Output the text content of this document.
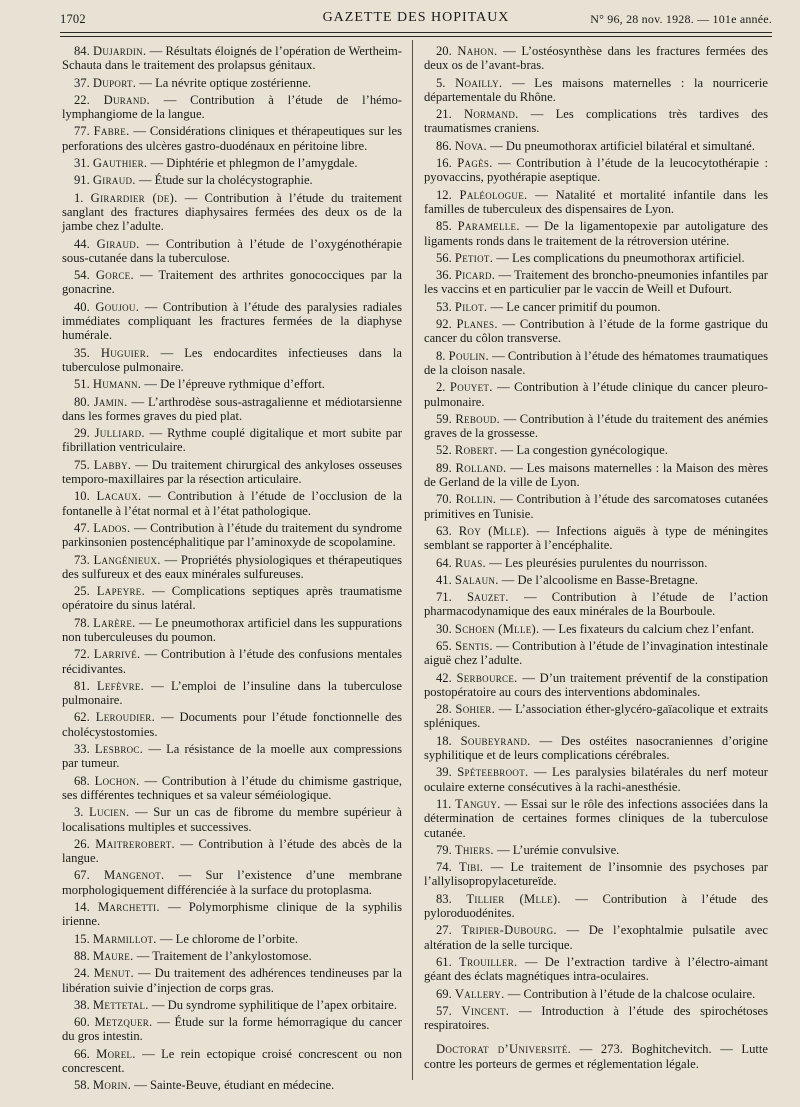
1702	GAZETTE DES HOPITAUX	N° 96, 28 nov. 1928. — 101e année.

84. Dujardin. — Résultats éloignés de l’opération de Wertheim-Schauta dans le traitement des prolapsus génitaux.

37. Duport. — La névrite optique zostérienne.

22. Durand. — Contribution à l’étude de l’hémo-lymphangiome de la langue.

77. Fabre. — Considérations cliniques et thérapeutiques sur les perforations des ulcères gastro-duodénaux en péritoine libre.

31. Gauthier. — Diphtérie et phlegmon de l’amygdale.

91. Giraud. — Étude sur la cholécystographie.

1. Girardier (de). — Contribution à l’étude du traitement sanglant des fractures diaphysaires fermées des deux os de la jambe chez l’adulte.

44. Giraud. — Contribution à l’étude de l’oxygénothérapie sous-cutanée dans la tuberculose.

54. Gorce. — Traitement des arthrites gonococciques par la gonacrine.

40. Goujou. — Contribution à l’étude des paralysies radiales immédiates compliquant les fractures fermées de la diaphyse humérale.

35. Huguier. — Les endocardites infectieuses dans la tuberculose pulmonaire.

51. Humann. — De l’épreuve rythmique d’effort.

80. Jamin. — L’arthrodèse sous-astragalienne et médiotarsienne dans les formes graves du pied plat.

29. Julliard. — Rythme couplé digitalique et mort subite par fibrillation ventriculaire.

75. Labby. — Du traitement chirurgical des ankyloses osseuses temporo-maxillaires par la résection articulaire.

10. Lacaux. — Contribution à l’étude de l’occlusion de la fontanelle à l’état normal et à l’état pathologique.

47. Lados. — Contribution à l’étude du traitement du syndrome parkinsonien postencéphalitique par l’aminoxyde de scopolamine.

73. Langénieux. — Propriétés physiologiques et thérapeutiques des sulfureux et des eaux minérales sulfureuses.

25. Lapeyre. — Complications septiques après traumatisme opératoire du sinus latéral.

78. Larère. — Le pneumothorax artificiel dans les suppurations non tuberculeuses du poumon.

72. Larrivé. — Contribution à l’étude des confusions mentales récidivantes.

81. Lefèvre. — L’emploi de l’insuline dans la tuberculose pulmonaire.

62. Leroudier. — Documents pour l’étude fonctionnelle des cholécystostomies.

33. Lesbroc. — La résistance de la moelle aux compressions par tumeur.

68. Lochon. — Contribution à l’étude du chimisme gastrique, ses différentes techniques et sa valeur séméiologique.

3. Lucien. — Sur un cas de fibrome du membre supérieur à localisations multiples et successives.

26. Maitrerobert. — Contribution à l’étude des abcès de la langue.

67. Mangenot. — Sur l’existence d’une membrane morphologiquement différenciée à la surface du protoplasma.

14. Marchetti. — Polymorphisme clinique de la syphilis irienne.

15. Marmillot. — Le chlorome de l’orbite.

88. Maure. — Traitement de l’ankylostomose.

24. Menut. — Du traitement des adhérences tendineuses par la libération suivie d’injection de corps gras.

38. Mettetal. — Du syndrome syphilitique de l’apex orbitaire.

60. Metzquer. — Étude sur la forme hémorragique du cancer du gros intestin.

66. Morel. — Le rein ectopique croisé concrescent ou non concrescent.

58. Morin. — Sainte-Beuve, étudiant en médecine.

20. Nahon. — L’ostéosynthèse dans les fractures fermées des deux os de l’avant-bras.

5. Noailly. — Les maisons maternelles : la nourricerie départementale du Rhône.

21. Normand. — Les complications très tardives des traumatismes craniens.

86. Nova. — Du pneumothorax artificiel bilatéral et simultané.

16. Pagès. — Contribution à l’étude de la leucocytothérapie : pyovaccins, pyothérapie aseptique.

12. Paléologue. — Natalité et mortalité infantile dans les familles de tuberculeux des dispensaires de Lyon.

85. Paramelle. — De la ligamentopexie par autoligature des ligaments ronds dans le traitement de la rétroversion utérine.

56. Petiot. — Les complications du pneumothorax artificiel.

36. Picard. — Traitement des broncho-pneumonies infantiles par les vaccins et en particulier par le vaccin de Weill et Dufourt.

53. Pilot. — Le cancer primitif du poumon.

92. Planes. — Contribution à l’étude de la forme gastrique du cancer du côlon transverse.

8. Poulin. — Contribution à l’étude des hématomes traumatiques de la cloison nasale.

2. Pouyet. — Contribution à l’étude clinique du cancer pleuro-pulmonaire.

59. Reboud. — Contribution à l’étude du traitement des anémies graves de la grossesse.

52. Robert. — La congestion gynécologique.

89. Rolland. — Les maisons maternelles : la Maison des mères de Gerland de la ville de Lyon.

70. Rollin. — Contribution à l’étude des sarcomatoses cutanées primitives en Tunisie.

63. Roy (Mlle). — Infections aiguës à type de méningites semblant se rapporter à l’encéphalite.

64. Ruas. — Les pleurésies purulentes du nourrisson.

41. Salaun. — De l’alcoolisme en Basse-Bretagne.

71. Sauzet. — Contribution à l’étude de l’action pharmacodynamique des eaux minérales de la Bourboule.

30. Schoen (Mlle). — Les fixateurs du calcium chez l’enfant.

65. Sentis. — Contribution à l’étude de l’invagination intestinale aiguë chez l’adulte.

42. Serbource. — D’un traitement préventif de la constipation postopératoire au cours des interventions abdominales.

28. Sohier. — L’association éther-glycéro-gaïacolique et extraits spléniques.

18. Soubeyrand. — Des ostéites nasocraniennes d’origine syphilitique et de leurs complications cérébrales.

39. Spéteebroot. — Les paralysies bilatérales du nerf moteur oculaire externe consécutives à la rachi-anesthésie.

11. Tanguy. — Essai sur le rôle des infections associées dans la détermination de certaines formes cliniques de la tuberculose cutanée.

79. Thiers. — L’urémie convulsive.

74. Tibi. — Le traitement de l’insomnie des psychoses par l’allylisopropylacetureïde.

83. Tillier (Mlle). — Contribution à l’étude des pyloroduodénites.

27. Tripier-Dubourg. — De l’exophtalmie pulsatile avec altération de la selle turcique.

61. Trouiller. — De l’extraction tardive à l’électro-aimant géant des éclats magnétiques intra-oculaires.

69. Vallery. — Contribution à l’étude de la chalcose oculaire.

57. Vincent. — Introduction à l’étude des spirochétoses respiratoires.

Doctorat d’Université. — 273. Boghitchevitch. — Lutte contre les porteurs de germes et réglementation légale.
